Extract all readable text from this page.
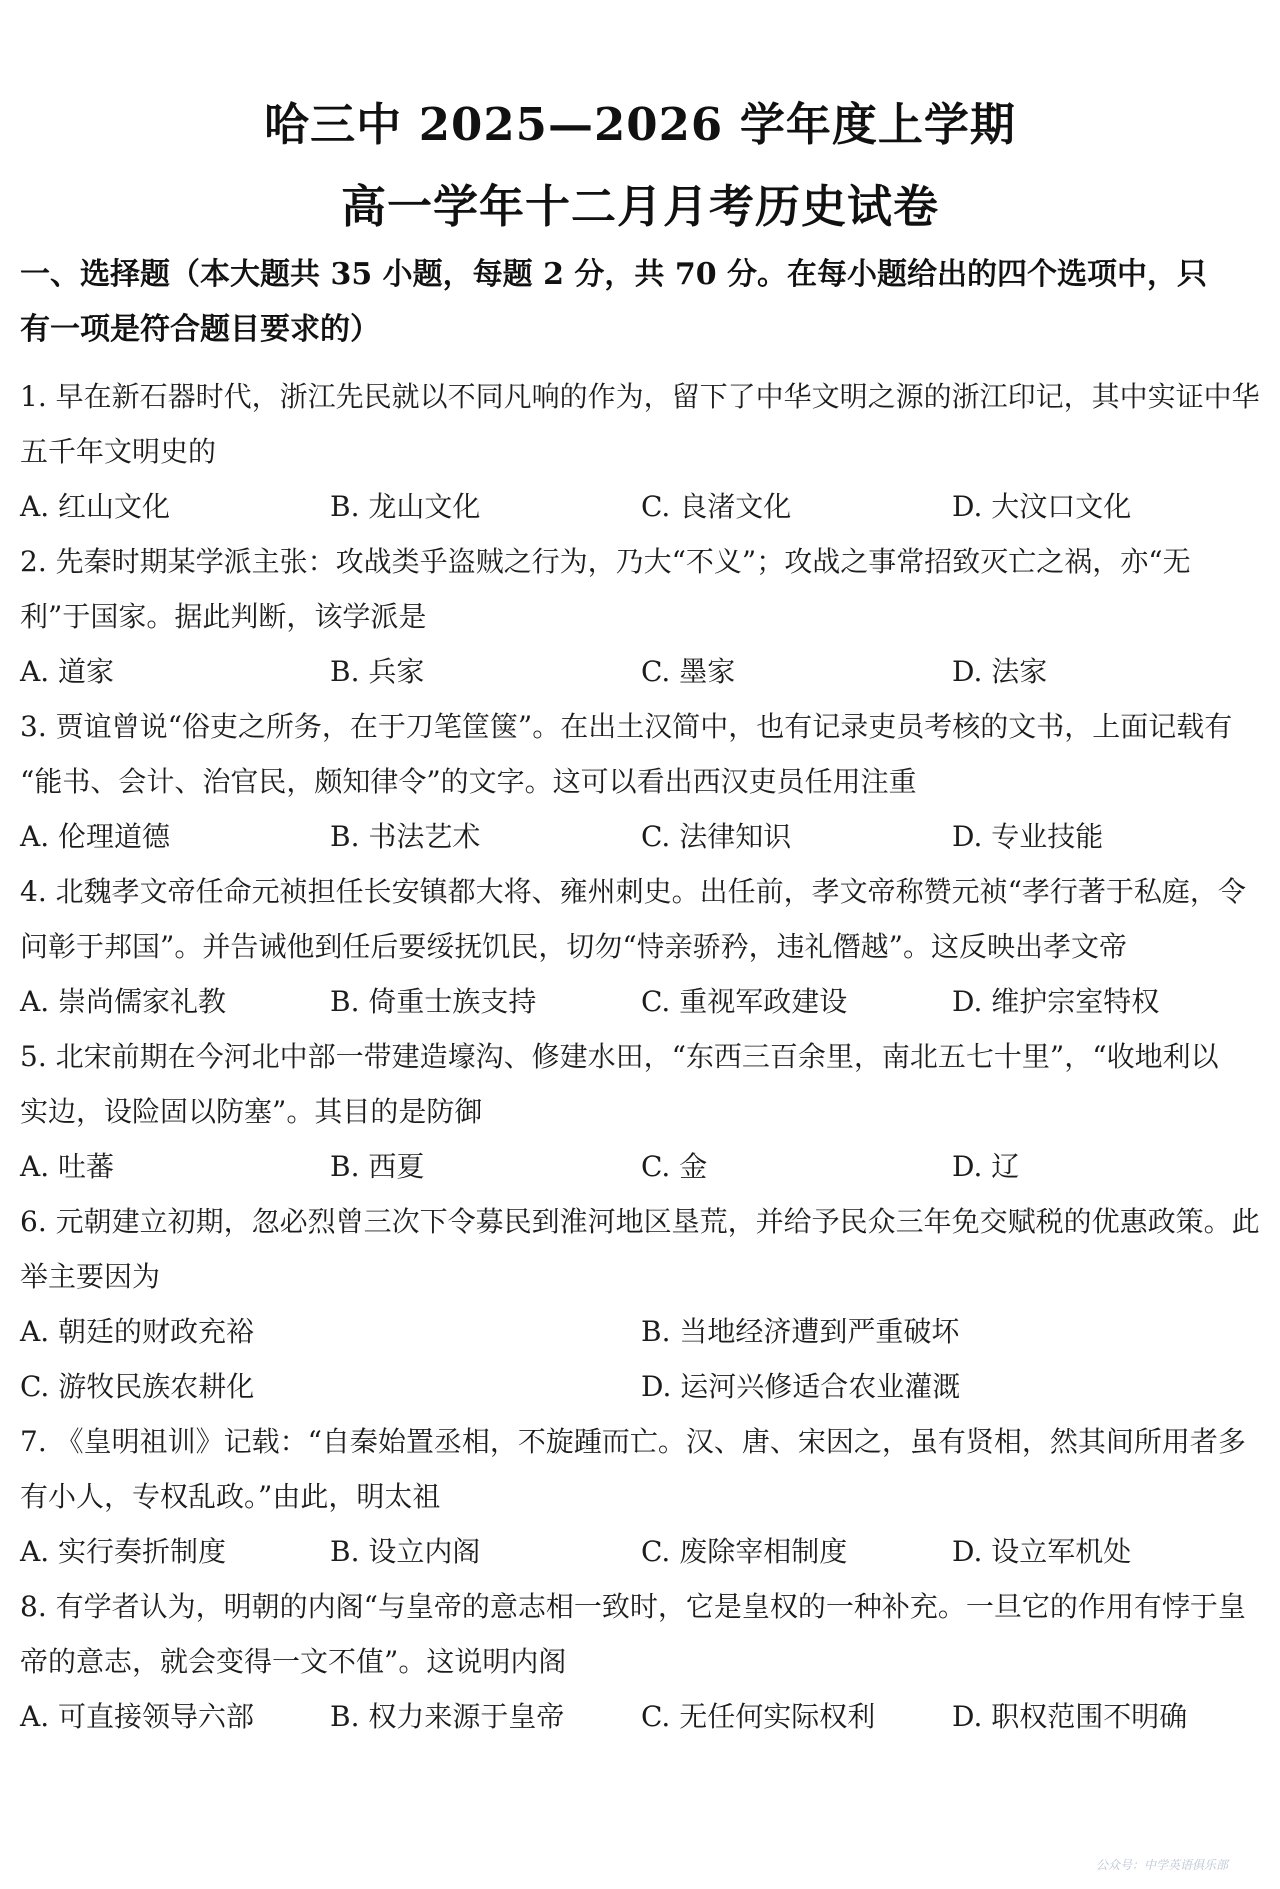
哈三中 2025—2026 学年度上学期
高一学年十二月月考历史试卷
一、选择题（本大题共 35 小题，每题 2 分，共 70 分。在每小题给出的四个选项中，只
有一项是符合题目要求的）
1. 早在新石器时代，浙江先民就以不同凡响的作为，留下了中华文明之源的浙江印记，其中实证中华
五千年文明史的
A. 红山文化	B. 龙山文化	C. 良渚文化	D. 大汶口文化
2. 先秦时期某学派主张：攻战类乎盗贼之行为，乃大“不义”；攻战之事常招致灭亡之祸，亦“无
利”于国家。据此判断，该学派是
A. 道家	B. 兵家	C. 墨家	D. 法家
3. 贾谊曾说“俗吏之所务，在于刀笔筐箧”。在出土汉简中，也有记录吏员考核的文书，上面记载有
“能书、会计、治官民，颇知律令”的文字。这可以看出西汉吏员任用注重
A. 伦理道德	B. 书法艺术	C. 法律知识	D. 专业技能
4. 北魏孝文帝任命元祯担任长安镇都大将、雍州刺史。出任前，孝文帝称赞元祯“孝行著于私庭，令
问彰于邦国”。并告诫他到任后要绥抚饥民，切勿“恃亲骄矜，违礼僭越”。这反映出孝文帝
A. 崇尚儒家礼教	B. 倚重士族支持	C. 重视军政建设	D. 维护宗室特权
5. 北宋前期在今河北中部一带建造壕沟、修建水田，“东西三百余里，南北五七十里”，“收地利以
实边，设险固以防塞”。其目的是防御
A. 吐蕃	B. 西夏	C. 金	D. 辽
6. 元朝建立初期，忽必烈曾三次下令募民到淮河地区垦荒，并给予民众三年免交赋税的优惠政策。此
举主要因为
A. 朝廷的财政充裕	B. 当地经济遭到严重破坏
C. 游牧民族农耕化	D. 运河兴修适合农业灌溉
7. 《皇明祖训》记载：“自秦始置丞相，不旋踵而亡。汉、唐、宋因之，虽有贤相，然其间所用者多
有小人，专权乱政。”由此，明太祖
A. 实行奏折制度	B. 设立内阁	C. 废除宰相制度	D. 设立军机处
8. 有学者认为，明朝的内阁“与皇帝的意志相一致时，它是皇权的一种补充。一旦它的作用有悖于皇
帝的意志，就会变得一文不值”。这说明内阁
A. 可直接领导六部	B. 权力来源于皇帝	C. 无任何实际权利	D. 职权范围不明确
公众号：中学英语俱乐部
